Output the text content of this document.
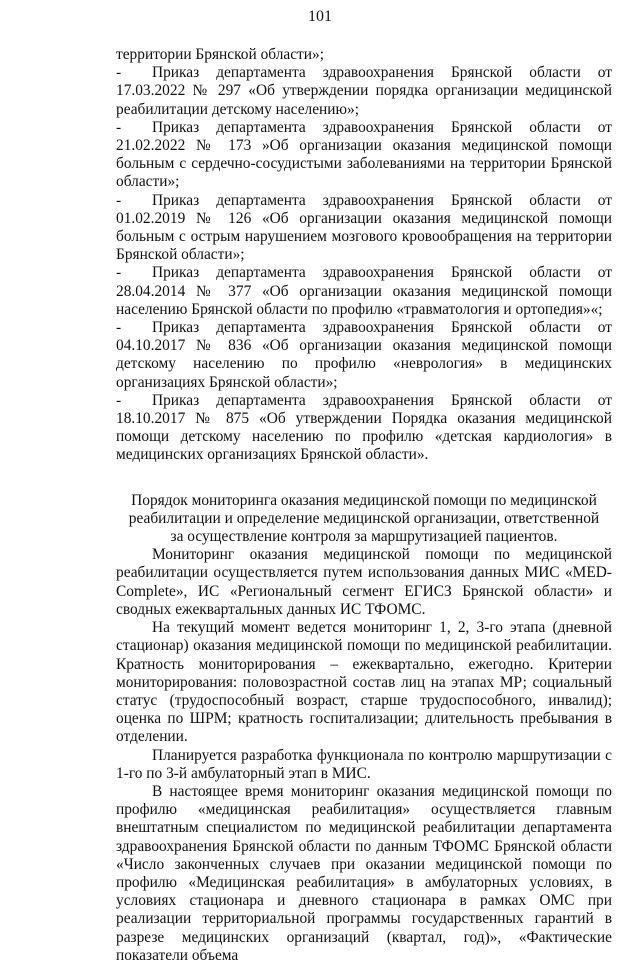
101

территории Брянской области»;

- Приказ департамента здравоохранения Брянской области от 17.03.2022 № 297 «Об утверждении порядка организации медицинской реабилитации детскому населению»;

- Приказ департамента здравоохранения Брянской области от 21.02.2022 № 173 »Об организации оказания медицинской помощи больным с сердечно-сосудистыми заболеваниями на территории Брянской области»;

- Приказ департамента здравоохранения Брянской области от 01.02.2019 № 126 «Об организации оказания медицинской помощи больным с острым нарушением мозгового кровообращения на территории Брянской области»;

- Приказ департамента здравоохранения Брянской области от 28.04.2014 № 377 «Об организации оказания медицинской помощи населению Брянской области по профилю «травматология и ортопедия»«;

- Приказ департамента здравоохранения Брянской области от 04.10.2017 № 836 «Об организации оказания медицинской помощи детскому населению по профилю «неврология» в медицинских организациях Брянской области»;

- Приказ департамента здравоохранения Брянской области от 18.10.2017 № 875 «Об утверждении Порядка оказания медицинской помощи детскому населению по профилю «детская кардиология» в медицинских организациях Брянской области».

Порядок мониторинга оказания медицинской помощи по медицинской реабилитации и определение медицинской организации, ответственной за осуществление контроля за маршрутизацией пациентов.

Мониторинг оказания медицинской помощи по медицинской реабилитации осуществляется путем использования данных МИС «MED-Complete», ИС «Региональный сегмент ЕГИСЗ Брянской области» и сводных ежеквартальных данных ИС ТФОМС.

На текущий момент ведется мониторинг 1, 2, 3-го этапа (дневной стационар) оказания медицинской помощи по медицинской реабилитации. Кратность мониторирования – ежеквартально, ежегодно. Критерии мониторирования: половозрастной состав лиц на этапах МР; социальный статус (трудоспособный возраст, старше трудоспособного, инвалид); оценка по ШРМ; кратность госпитализации; длительность пребывания в отделении.

Планируется разработка функционала по контролю маршрутизации с 1-го по 3-й амбулаторный этап в МИС.

В настоящее время мониторинг оказания медицинской помощи по профилю «медицинская реабилитация» осуществляется главным внештатным специалистом по медицинской реабилитации департамента здравоохранения Брянской области по данным ТФОМС Брянской области «Число законченных случаев при оказании медицинской помощи по профилю «Медицинская реабилитация» в амбулаторных условиях, в условиях стационара и дневного стационара в рамках ОМС при реализации территориальной программы государственных гарантий в разрезе медицинских организаций (квартал, год)», «Фактические показатели объема
